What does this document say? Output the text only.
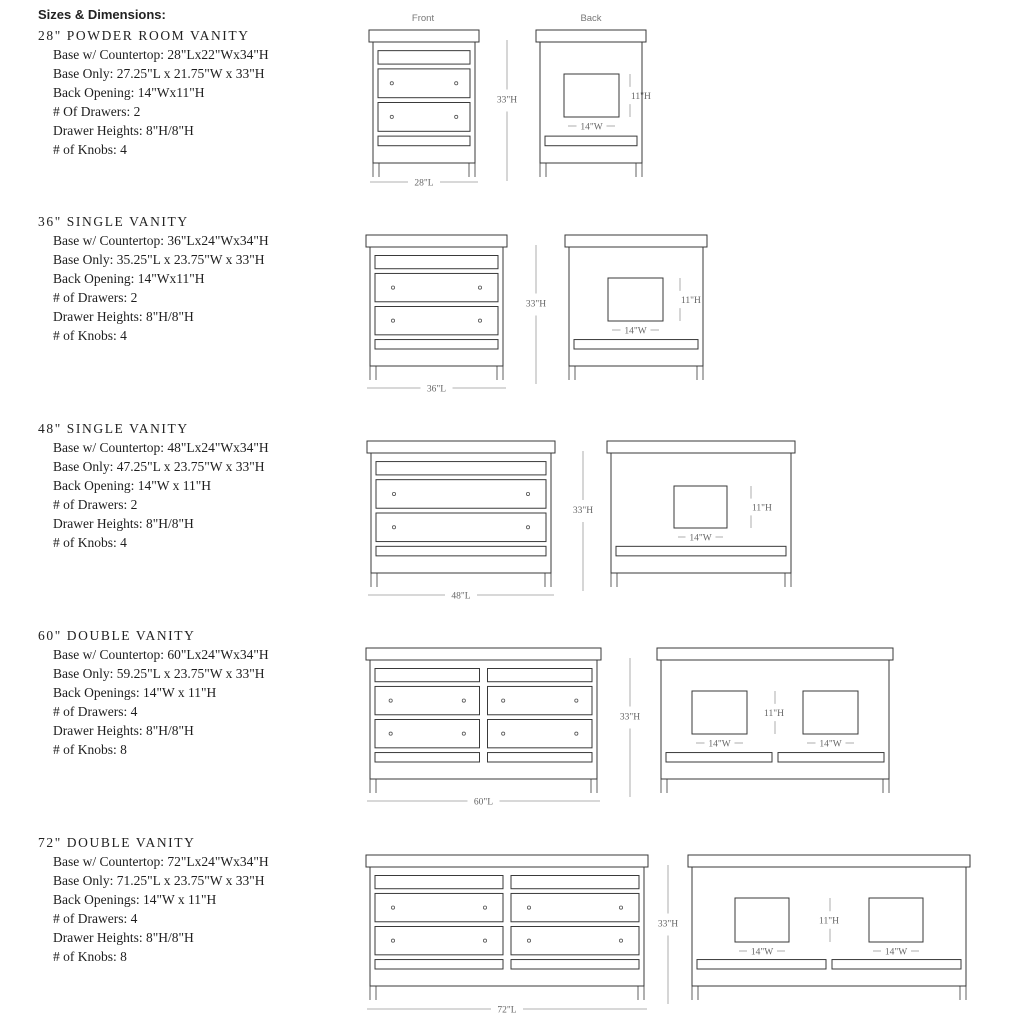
Sizes & Dimensions:
28" POWDER ROOM VANITY
Base w/ Countertop: 28"Lx22"Wx34"H
Base Only: 27.25"L x 21.75"W x 33"H
Back Opening: 14"Wx11"H
# Of Drawers: 2
Drawer Heights: 8"H/8"H
# of Knobs: 4
36" SINGLE VANITY
Base w/ Countertop: 36"Lx24"Wx34"H
Base Only: 35.25"L x 23.75"W x 33"H
Back Opening: 14"Wx11"H
# of Drawers: 2
Drawer Heights: 8"H/8"H
# of Knobs: 4
48" SINGLE VANITY
Base w/ Countertop: 48"Lx24"Wx34"H
Base Only: 47.25"L x 23.75"W x 33"H
Back Opening: 14"W x 11"H
# of Drawers: 2
Drawer Heights: 8"H/8"H
# of Knobs: 4
60" DOUBLE VANITY
Base w/ Countertop: 60"Lx24"Wx34"H
Base Only: 59.25"L x 23.75"W x 33"H
Back Openings: 14"W x 11"H
# of Drawers: 4
Drawer Heights: 8"H/8"H
# of Knobs: 8
72" DOUBLE VANITY
Base w/ Countertop: 72"Lx24"Wx34"H
Base Only: 71.25"L x 23.75"W x 33"H
Back Openings: 14"W x 11"H
# of Drawers: 4
Drawer Heights: 8"H/8"H
# of Knobs: 8
Front	Back
28"L
14"W
11"H
33"H
36"L
14"W
11"H
33"H
48"L
14"W
11"H
33"H
60"L
14"W	14"W
11"H
33"H
72"L
14"W	14"W
11"H
33"H
